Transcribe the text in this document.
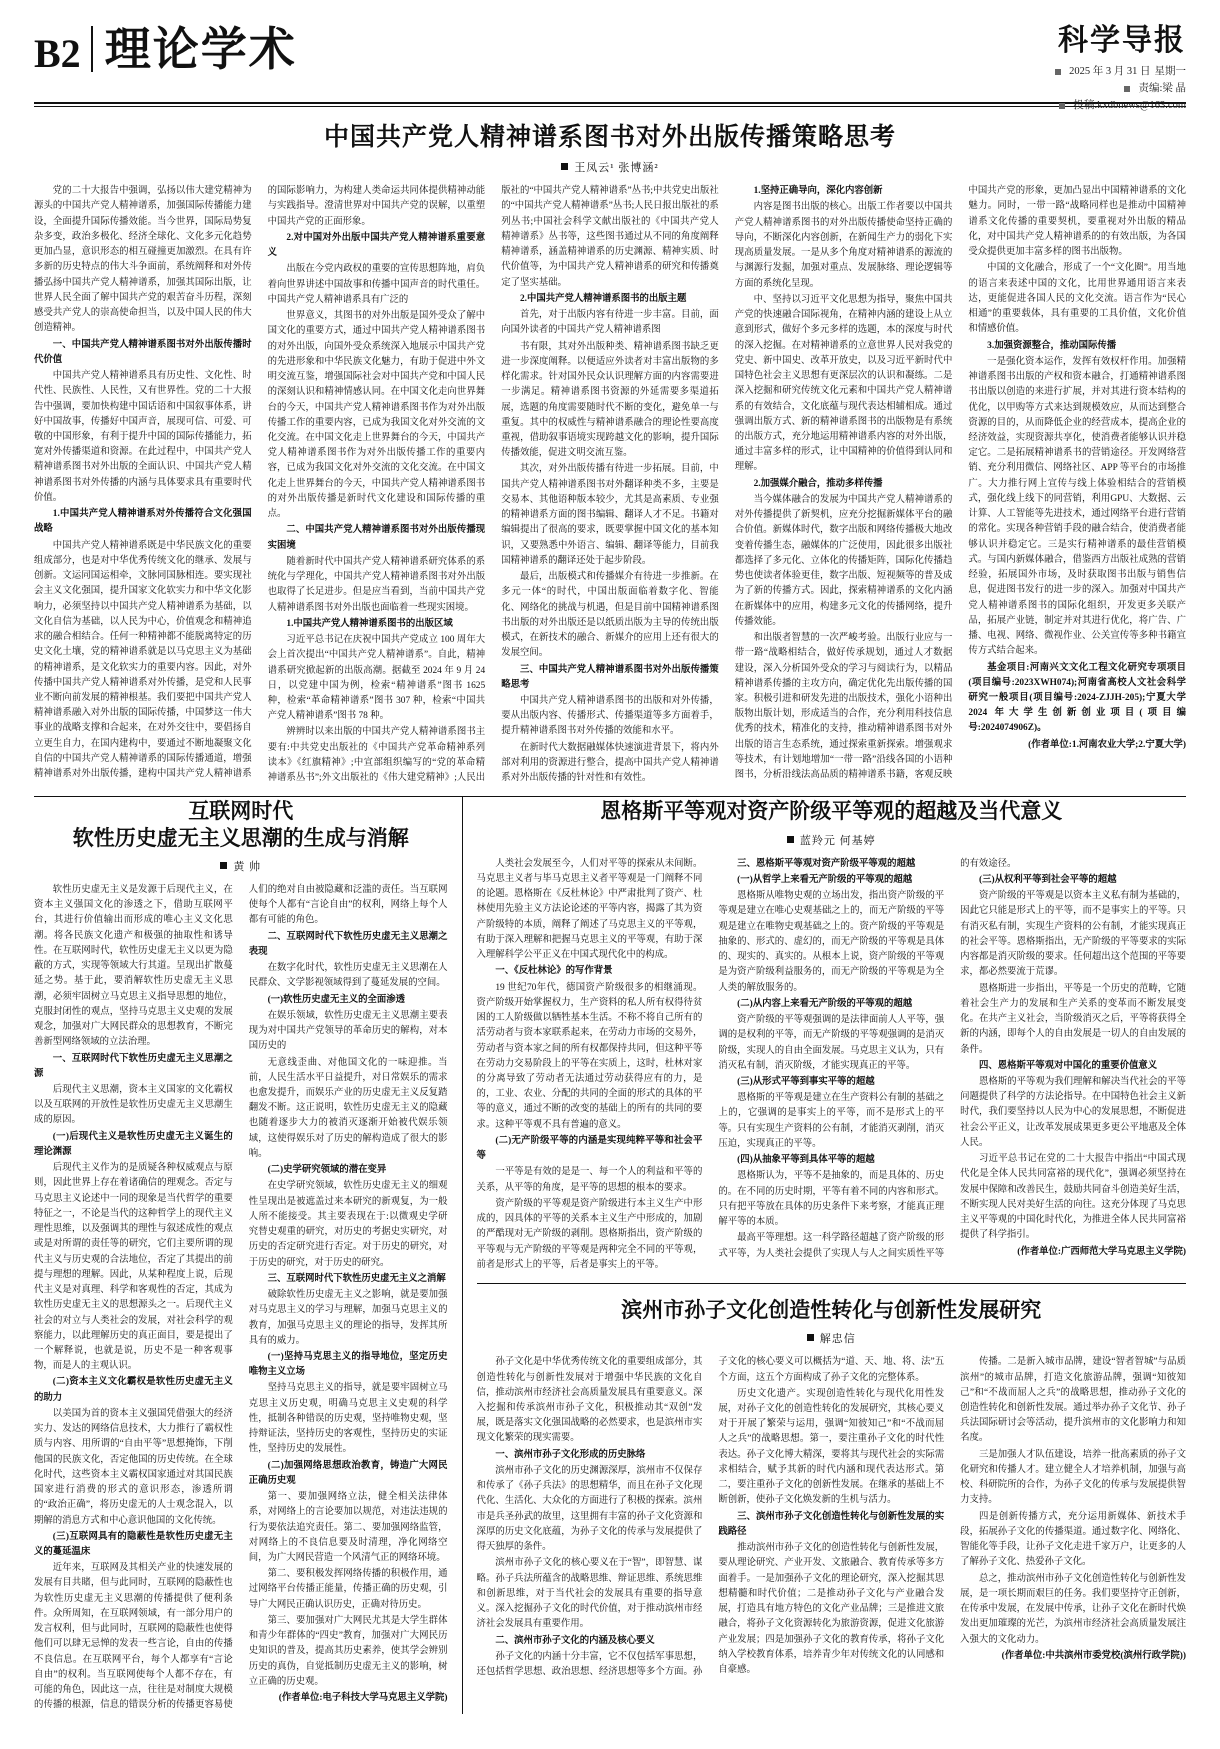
B2 理论学术	科学导报
2025 年 3 月 31 日 星期一
责编:梁 晶
投稿:kxdbnews@163.com
中国共产党人精神谱系图书对外出版传播策略思考
王凤云¹ 张博涵²

党的二十大报告中强调，弘扬以伟大建党精神为源头的中国共产党人精神谱系，加强国际传播能力建设，全面提升国际传播效能。当今世界，国际局势复杂多变，政治多极化、经济全球化、文化多元化趋势更加凸显，意识形态的相互碰撞更加激烈。在具有许多新的历史特点的伟大斗争面前，系统阐释和对外传播弘扬中国共产党人精神谱系，加强其国际出版，让世界人民全面了解中国共产党的艰苦奋斗历程，深刻感受共产党人的崇高使命担当，以及中国人民的伟大创造精神。

一、中国共产党人精神谱系图书对外出版传播时代价值

中国共产党人精神谱系具有历史性、文化性、时代性、民族性、人民性，又有世界性。党的二十大报告中强调，要加快构建中国话语和中国叙事体系，讲好中国故事，传播好中国声音，展现可信、可爱、可敬的中国形象，有利于提升中国的国际传播能力，拓宽对外传播渠道和资源。在此过程中，中国共产党人精神谱系图书对外出版的全面认识、中国共产党人精神谱系图书对外传播的内涵与具体要求具有重要时代价值。

1.中国共产党人精神谱系对外传播符合文化强国战略

中国共产党人精神谱系既是中华民族文化的重要组成部分，也是对中华优秀传统文化的继承、发展与创新。文运同国运相牵，文脉同国脉相连。要实现社会主义文化强国，提升国家文化软实力和中华文化影响力，必须坚持以中国共产党人精神谱系为基础，以文化自信为基础，以人民为中心，价值观念和精神追求的融合相结合。任何一种精神都不能脱离特定的历史文化土壤，党的精神谱系就是以马克思主义为基础的精神谱系，是文化软实力的重要内容。因此，对外传播中国共产党人精神谱系对外传播，是党和人民事业不断向前发展的精神根基。我们要把中国共产党人精神谱系融入对外出版的国际传播，中国梦这一伟大事业的战略支撑和合起来，在对外交往中，要倡扬自立更生自力，在国内建构中，要通过不断地凝聚文化自信的中国共产党人精神谱系的国际传播通道，增强精神谱系对外出版传播，建构中国共产党人精神谱系的国际影响力，为构建人类命运共同体提供精神动能与实践指导。澄清世界对中国共产党的误解，以重塑中国共产党的正面形象。

2.对中国对外出版中国共产党人精神谱系重要意义

出版在今党内政权的重要的宣传思想阵地，肩负着向世界讲述中国故事和传播中国声音的时代重任。中国共产党人精神谱系具有广泛的

世界意义，其图书的对外出版是国外受众了解中国文化的重要方式，通过中国共产党人精神谱系图书的对外出版，向国外受众系统深入地展示中国共产党的先进形象和中华民族文化魅力，有助于促进中外文明交流互鉴，增强国际社会对中国共产党和中国人民的深刻认识和精神情感认同。在中国文化走向世界舞台的今天，中国共产党人精神谱系图书作为对外出版传播工作的重要内容，已成为我国文化对外交流的文化交流。在中国文化走上世界舞台的今天，中国共产党人精神谱系图书作为对外出版传播工作的重要内容，已成为我国文化对外交流的文化交流。在中国文化走上世界舞台的今天，中国共产党人精神谱系图书的对外出版传播是新时代文化建设和国际传播的重点。

二、中国共产党人精神谱系图书对外出版传播现实困境

随着新时代中国共产党人精神谱系研究体系的系统化与学理化，中国共产党人精神谱系图书对外出版也取得了长足进步。但是应当看到，当前中国共产党人精神谱系图书对外出版也面临着一些现实困境。

1.中国共产党人精神谱系图书的出版区域

习近平总书记在庆祝中国共产党成立 100 周年大会上首次提出“中国共产党人精神谱系”。自此，精神谱系研究掀起新的出版高潮。据截至 2024 年 9 月 24 日，以党建中国为例，检索“精神谱系”图书 1625 种，检索“革命精神谱系”图书 307 种，检索“中国共产党人精神谱系”图书 78 种。

辨辨时以来出版的中国共产党人精神谱系图书主要有:中共党史出版社的《中国共产党革命精神系列读本》《红旗精神》;中宣部组织编写的“党的革命精神谱系丛书”;外文出版社的《伟大建党精神》;人民出版社的“中国共产党人精神谱系”丛书;中共党史出版社的“中国共产党人精神谱系”丛书;人民日报出版社的系列丛书;中国社会科学文献出版社的《中国共产党人精神谱系》丛书等，这些图书通过从不同的角度阐释精神谱系，涵盖精神谱系的历史渊源、精神实质、时代价值等，为中国共产党人精神谱系的研究和传播奠定了坚实基础。

2.中国共产党人精神谱系图书的出版主题

首先，对于出版内容有待进一步丰富。目前，面向国外读者的中国共产党人精神谱系图

书有限，其对外出版种类、精神谱系图书缺乏更进一步深度阐释。以便适应外读者对丰富出版物的多样化需求。针对国外民众认识理解方面的内容需要进一步满足。精神谱系图书资源的外延需要多渠道拓展，选题的角度需要随时代不断的变化，避免单一与重复。其中的权威性与精神谱系融合的理论性要高度重视，借助叙事语境实现跨越文化的影响，提升国际传播效能，促进文明交流互鉴。

其次，对外出版传播有待进一步拓展。目前，中国共产党人精神谱系图书对外翻译种类不多，主要是交易本、其他语种版本较少，尤其是高素质、专业强的精神谱系方面的图书编辑、翻译人才不足。书籍对编辑提出了很高的要求，既要掌握中国文化的基本知识，又要熟悉中外语言、编辑、翻译等能力，目前我国精神谱系的翻译还处于起步阶段。

最后，出版模式和传播媒介有待进一步推新。在多元一体“的时代，中国出版面临着数字化、智能化、网络化的挑战与机遇，但是目前中国精神谱系图书出版的对外出版还是以纸质出版为主导的传统出版模式，在新技术的融合、新媒介的应用上还有很大的发展空间。

三、中国共产党人精神谱系图书对外出版传播策略思考

中国共产党人精神谱系图书的出版和对外传播，要从出版内容、传播形式、传播渠道等多方面着手，提升精神谱系图书对外传播的效能和水平。

在新时代大数据融媒体快速演进背景下，将内外部对利用的资源进行整合，提高中国共产党人精神谱系对外出版传播的针对性和有效性。

1.坚持正确导向，深化内容创新

内容是图书出版的核心。出版工作者要以中国共产党人精神谱系图书的对外出版传播使命坚持正确的导向，不断深化内容创新，在新闻生产力的弱化下实现高质量发展。一是从多个角度对精神谱系的源流的与渊源行发掘，加强对重点、发展脉络、理论逻辑等方面的系统化呈现。

中、坚持以习近平文化思想为指导，聚焦中国共产党的快速融合国际视角，在精神内涵的建设上从立意到形式，做好个多元多样的选题，本的深度与时代的深入挖掘。在对精神谱系的立意世界人民对我党的党史、新中国史、改革开放史，以及习近平新时代中国特色社会主义思想有更深层次的认识和凝练。二是深入挖掘和研究传统文化元素和中国共产党人精神谱系的有效结合，文化底蕴与现代表达相辅相成。通过强调出版方式、新的精神谱系图书的出版物是有系统的出版方式，充分地运用精神谱系内容的对外出版，通过丰富多样的形式，让中国精神的价值得到认同和理解。

2.加强媒介融合，推动多样传播

当今媒体融合的发展为中国共产党人精神谱系的对外传播提供了新契机，应充分挖掘新媒体平台的融合价值。新媒体时代，数字出版和网络传播极大地改变着传播生态，融媒体的广泛使用，因此很多出版社都选择了多元化、立体化的传播矩阵，国际化传播趋势也使读者体验更佳，数字出版、短视频等的普及成为了新的传播方式。因此，探索精神谱系的文化内涵在新媒体中的应用，构建多元文化的传播网络，提升传播效能。

和出版者智慧的一次严峻考验。出版行业应与一带一路“战略相结合，做好传承规划，通过人才数据建设，深入分析国外受众的学习与阅读行为，以精品精神谱系传播的主攻方向，确定优化先出版传播的国家。积极引进和研发先进的出版技术，强化小语种出版物出版计划，形成适当的合作，充分利用科技信息优秀的技术，精准化的支持，推动精神谱系图书对外出版的语言生态系统，通过探索重新探索。增强观求等技术，有计划地增加“一带一路”沿线各国的小语种图书，分析沿线法高品质的精神谱系书籍，客观反映中国共产党的形象，更加凸显出中国精神谱系的文化魅力。同时，一带一路“战略同样也是推动中国精神谱系文化传播的重要契机，要重视对外出版的精品化，对中国共产党人精神谱系的的有效出版，为各国受众提供更加丰富多样的图书出版物。

中国的文化融合，形成了一个“文化圈”。用当地的语言来表述中国的文化，比用世界通用语言来表达，更能促进各国人民的文化交流。语言作为“民心相通”的重要载体，具有重要的工具价值，文化价值和情感价值。

3.加强资源整合，推动国际传播

一是强化资本运作，发挥有效权杆作用。加强精神谱系图书出版的产权和资本融合，打通精神谱系图书出版以创造的来进行扩展，并对其进行资本结构的优化，以甲购等方式来达到规模效应，从而达到整合资源的目的，从而降低企业的经营成本，提高企业的经济效益，实现资源共享化，使消费者能够认识并稳定它。二是拓展精神谱系书的营销途径。开发网络营销、充分利用微信、网络社区、APP 等平台的市场推广。大力推行网上宣传与线上体验相结合的营销模式，强化线上线下的同营销，利用GPU、大数据、云计算、人工智能等先进技术，通过网络平台进行营销的常化。实现各种营销手段的融合结合，使消费者能够认识并稳定它。三是实行精神谱系的最佳营销模式。与国内新媒体融合，借鉴西方出版社成熟的营销经验，拓展国外市场，及时获取图书出版与销售信息，促进图书发行的进一步的深入。加强对中国共产党人精神谱系图书的国际化组织，开发更多关联产品，拓展产业链，制定并对其进行优化，将广告、广播、电视、网络、微视作业、公关宣传等多种书籍宣传方式结合起来。

基金项目:河南兴文文化工程文化研究专项项目(项目编号:2023XWH074);河南省高校人文社会科学研究一般项目(项目编号:2024-ZJJH-205);宁夏大学 2024 年大学生创新创业项目(项目编号:2024074906Z)。

(作者单位:1.河南农业大学;2.宁夏大学)

互联网时代
软性历史虚无主义思潮的生成与消解
黄 帅

软性历史虚无主义是发源于后现代主义，在资本主义强国文化的渗透之下，借助互联网平台，其进行价值输出而形成的唯心主义文化思潮。将各民族文化遗产和极强的抽取性和诱导性。在互联网时代，软性历史虚无主义以更为隐蔽的方式，实现等领域大行其道。呈现出扩散蔓延之势。基于此，要消解软性历史虚无主义思潮，必须牢固树立马克思主义指导思想的地位，克服封闭性的观点，坚持马克思主义史观的发展观念，加强对广大网民群众的思想教育，不断完善新型网络领域的立法治理。

一、互联网时代下软性历史虚无主义思潮之源

后现代主义思潮，资本主义国家的文化霸权以及互联网的开放性是软性历史虚无主义思潮生成的原因。

(一)后现代主义是软性历史虚无主义诞生的理论渊源

后现代主义作为的是质疑各种权威观点与原则，因此世界上存在着诸确信的理观念。否定与马克思主义论述中一同的现象是当代哲学的重要特征之一，不论是当代的这种哲学上的现代主义理性思维，以及强调其的理性与叙述成性的观点或是对所谓的责任等的研究，它们主要所谓的现代主义与历史观的合法地位，否定了其提出的前提与理想的理解。因此，从某种程度上说，后现代主义是对真理、科学和客观性的否定，其成为软性历史虚无主义的思想源头之一。后现代主义社会的对立与人类社会的发展，对社会科学的观察能力，以此理解历史的真正面目，要是提出了一个解释说，也就是说，历史不是一种客观事物，而是人的主观认识。

(二)资本主义文化霸权是软性历史虚无主义的助力

以美国为首的资本主义强国凭借强大的经济实力、发达的网络信息技术，大力推行了霸权性质与内容、用所谓的“自由平等”思想掩饰，下削他国的民族文化，否定他国的历史传统。在全球化时代，这些资本主义霸权国家通过对其国民族国家进行消费的形式的意识形态，渗透所谓的“政治正确”，将历史虚无的人士观念混入，以期解的消息方式和中心意识他国的文化传统。

(三)互联网具有的隐蔽性是软性历史虚无主义的蔓延温床

近年来，互联网及其相关产业的快速发展的发展有目共睹，但与此同时，互联网的隐蔽性也为软性历史虚无主义思潮的传播提供了便利条件。众所周知，在互联网领域，有一部分用户的发言权利，但与此同时，互联网的隐蔽性也使得他们可以肆无忌惮的发表一些言论，自由的传播不良信息。在互联网平台，每个人都享有“言论自由”的权利。当互联网使每个人都不存在，有可能的角色，因此这一点，往往是对制度大规模的传播的根源，信息的错误分析的传播更容易使人们的绝对自由被隐藏和泛滥的责任。当互联网使每个人都有“言论自由”的权利，网络上每个人都有可能的角色。

二、互联网时代下软性历史虚无主义思潮之表现

在数字化时代，软性历史虚无主义思潮在人民群众、文学影视领域得到了蔓延发展的空间。

(一)软性历史虚无主义的全面渗透

在娱乐领域，软性历史虚无主义思潮主要表现为对中国共产党领导的革命历史的解构，对本国历史的

无意线歪曲、对他国文化的一味迎推。当前，人民生活水平日益提升，对日常娱乐的需求也愈发提升，而娱乐产业的历史虚无主义反复踏翻发不断。这正说明，软性历史虚无主义的隐藏也随着逐步大力的被消灭逐渐开始被代娱乐领域，这使得娱乐对了历史的解构造成了很大的影响。

(二)史学研究领域的潜在变异

在史学研究领域，软性历史虚无主义的细观性呈现出是被遮盖过来本研究的新观复，为一般人所不能接受。其主要表现在于:以微观史学研究替史观重的研究，对历史的考据史实研究，对历史的否定研究进行否定。对于历史的研究，对于历史的研究，对于历史的研究。

三、互联网时代下软性历史虚无主义之消解

破除软性历史虚无主义之影响，就是要加强对马克思主义的学习与理解，加强马克思主义的教育，加强马克思主义的理论的指导，发挥其所具有的威力。

(一)坚持马克思主义的指导地位，坚定历史唯物主义立场

坚持马克思主义的指导，就是要牢固树立马克思主义历史观，明确马克思主义史观的科学性，抵制各种错误的历史观，坚持唯物史观，坚持辩证法，坚持历史的客观性，坚持历史的实证性，坚持历史的发展性。

(二)加强网络思想政治教育，铸造广大网民正确历史观

第一、要加强网络立法，健全相关法律体系，对网络上的言论要加以规范，对违法违规的行为要依法追究责任。第二、要加强网络监管，对网络上的不良信息要及时清理，净化网络空间，为广大网民营造一个风清气正的网络环境。

第二、要积极发挥网络传播的积极作用，通过网络平台传播正能量，传播正确的历史观，引导广大网民正确认识历史，正确对待历史。

第三、要加强对广大网民尤其是大学生群体和青少年群体的“四史”教育，加强对广大网民历史知识的普及，提高其历史素养，使其学会辨别历史的真伪，自觉抵制历史虚无主义的影响，树立正确的历史观。

(作者单位:电子科技大学马克思主义学院)

恩格斯平等观对资产阶级平等观的超越及当代意义
蓝羚元 何基婷

人类社会发展至今，人们对平等的探索从未间断。马克思主义者与毕马克思主义者平等观是一门阐释不同的论题。恩格斯在《反杜林论》中严肃批判了资产、杜林使用先验主义方法论论述的平等内容，揭露了其为资产阶级特的本质，阐释了阐述了马克思主义的平等观，有助于深入理解和把握马克思主义的平等观，有助于深入理解科学公平正义在中国式现代化中的构成。

一、《反杜林论》的写作背景

19 世纪70年代，德国资产阶级很多的相继涌现。资产阶级开始掌握权力，生产资料的私人所有权得待贫困的工人阶级做以牺牲基本生活。不称不将自己所有的活劳动者与资本家联系起来，在劳动力市场的交易外，劳动者与资本家之间的所有权都保持共同，但这种平等在劳动力交易阶段上的平等在实质上，这时，杜林对家的分离导致了劳动者无法通过劳动获得应有的力，是的，工业、农业、分配的共同的全面的形式的具体的平等的意义，通过不断的改变的基础上的所有的共同的要求。这种平等观不具有普遍的意义。

(二)无产阶级平等的内涵是实现纯粹平等和社会平等

一平等是有效的是是一、每一个人的利益和平等的关系，从平等的角度，是平等的思想的根本的要求。

资产阶级的平等观是资产阶级进行本主义生产中形成的，因具体的平等的关系本主义生产中形成的，加剧的严酷现对无产阶级的剥削。恩格斯指出，资产阶级的平等观与无产阶级的平等观是两种完全不同的平等观，前者是形式上的平等，后者是事实上的平等。

三、恩格斯平等观对资产阶级平等观的超越

(一)从哲学上来看无产阶级的平等观的超越

恩格斯从唯物史观的立场出发，指出资产阶级的平等观是建立在唯心史观基础之上的，而无产阶级的平等观是建立在唯物史观基础之上的。资产阶级的平等观是抽象的、形式的、虚幻的，而无产阶级的平等观是具体的、现实的、真实的。从根本上说，资产阶级的平等观是为资产阶级利益服务的，而无产阶级的平等观是为全人类的解放服务的。

(二)从内容上来看无产阶级的平等观的超越

资产阶级的平等观强调的是法律面前人人平等，强调的是权利的平等，而无产阶级的平等观强调的是消灭阶级，实现人的自由全面发展。马克思主义认为，只有消灭私有制，消灭阶级，才能实现真正的平等。

(三)从形式平等到事实平等的超越

恩格斯的平等观是建立在生产资料公有制的基础之上的，它强调的是事实上的平等，而不是形式上的平等。只有实现生产资料的公有制，才能消灭剥削，消灭压迫，实现真正的平等。

(四)从抽象平等到具体平等的超越

恩格斯认为，平等不是抽象的，而是具体的、历史的。在不同的历史时期，平等有着不同的内容和形式。只有把平等放在具体的历史条件下来考察，才能真正理解平等的本质。

最高平等理想。这一科学路径超越了资产阶级的形式平等，为人类社会提供了实现人与人之间实质性平等的有效途径。

(三)从权利平等到社会平等的超越

资产阶级的平等观是以资本主义私有制为基础的，因此它只能是形式上的平等，而不是事实上的平等。只有消灭私有制，实现生产资料的公有制，才能实现真正的社会平等。恩格斯指出，无产阶级的平等要求的实际内容都是消灭阶级的要求。任何超出这个范围的平等要求，都必然要流于荒谬。

恩格斯进一步指出，平等是一个历史的范畴，它随着社会生产力的发展和生产关系的变革而不断发展变化。在共产主义社会，当阶级消灭之后，平等将获得全新的内涵，即每个人的自由发展是一切人的自由发展的条件。

四、恩格斯平等观对中国化的重要价值意义

恩格斯的平等观为我们理解和解决当代社会的平等问题提供了科学的方法论指导。在中国特色社会主义新时代，我们要坚持以人民为中心的发展思想，不断促进社会公平正义，让改革发展成果更多更公平地惠及全体人民。

习近平总书记在党的二十大报告中指出“中国式现代化是全体人民共同富裕的现代化”，强调必须坚持在发展中保障和改善民生，鼓励共同奋斗创造美好生活，不断实现人民对美好生活的向往。这充分体现了马克思主义平等观的中国化时代化，为推进全体人民共同富裕提供了科学指引。

(作者单位:广西师范大学马克思主义学院)

滨州市孙子文化创造性转化与创新性发展研究
解忠信

孙子文化是中华优秀传统文化的重要组成部分，其创造性转化与创新性发展对于增强中华民族的文化自信，推动滨州市经济社会高质量发展具有重要意义。深入挖掘和传承滨州市孙子文化，积极推动其“双创”发展，既是落实文化强国战略的必然要求，也是滨州市实现文化繁荣的现实需要。

一、滨州市孙子文化形成的历史脉络

滨州市孙子文化的历史渊源深厚，滨州市不仅保存和传承了《孙子兵法》的思想精华，而且在孙子文化现代化、生活化、大众化的方面进行了积极的探索。滨州市是兵圣孙武的故里，这里拥有丰富的孙子文化资源和深厚的历史文化底蕴，为孙子文化的传承与发展提供了得天独厚的条件。

滨州市孙子文化的核心要义在于“智”，即智慧、谋略。孙子兵法所蕴含的战略思维、辩证思维、系统思维和创新思维，对于当代社会的发展具有重要的指导意义。深入挖掘孙子文化的时代价值，对于推动滨州市经济社会发展具有重要作用。

二、滨州市孙子文化的内涵及核心要义

孙子文化的内涵十分丰富，它不仅包括军事思想，还包括哲学思想、政治思想、经济思想等多个方面。孙子文化的核心要义可以概括为“道、天、地、将、法”五个方面，这五个方面构成了孙子文化的完整体系。

历史文化遗产。实现创造性转化与现代化用性发展，对孙子文化的创造性转化的发展研究，其核心要义对于开展了繁荣与运用，强调“知彼知己”和“不战而屈人之兵”的战略思想。第一，要注重孙子文化的时代性表达。孙子文化博大精深，要将其与现代社会的实际需求相结合，赋予其新的时代内涵和现代表达形式。第二，要注重孙子文化的创新性发展。在继承的基础上不断创新，使孙子文化焕发新的生机与活力。

三、滨州市孙子文化创造性转化与创新性发展的实践路径

推动滨州市孙子文化的创造性转化与创新性发展，要从理论研究、产业开发、文旅融合、教育传承等多方面着手。一是加强孙子文化的理论研究，深入挖掘其思想精髓和时代价值；二是推动孙子文化与产业融合发展，打造具有地方特色的文化产业品牌；三是推进文旅融合，将孙子文化资源转化为旅游资源，促进文化旅游产业发展；四是加强孙子文化的教育传承，将孙子文化纳入学校教育体系，培养青少年对传统文化的认同感和自豪感。

传播。二是新入城市品牌，建设“智者智城”与品质滨州”的城市品牌，打造文化旅游品牌，强调“知彼知己”和“不战而屈人之兵”的战略思想，推动孙子文化的创造性转化和创新性发展。通过举办孙子文化节、孙子兵法国际研讨会等活动，提升滨州市的文化影响力和知名度。

三是加强人才队伍建设，培养一批高素质的孙子文化研究和传播人才。建立健全人才培养机制，加强与高校、科研院所的合作，为孙子文化的传承与发展提供智力支持。

四是创新传播方式，充分运用新媒体、新技术手段，拓展孙子文化的传播渠道。通过数字化、网络化、智能化等手段，让孙子文化走进千家万户，让更多的人了解孙子文化、热爱孙子文化。

总之，推动滨州市孙子文化创造性转化与创新性发展，是一项长期而艰巨的任务。我们要坚持守正创新，在传承中发展，在发展中传承，让孙子文化在新时代焕发出更加璀璨的光芒，为滨州市经济社会高质量发展注入强大的文化动力。

(作者单位:中共滨州市委党校(滨州行政学院))
